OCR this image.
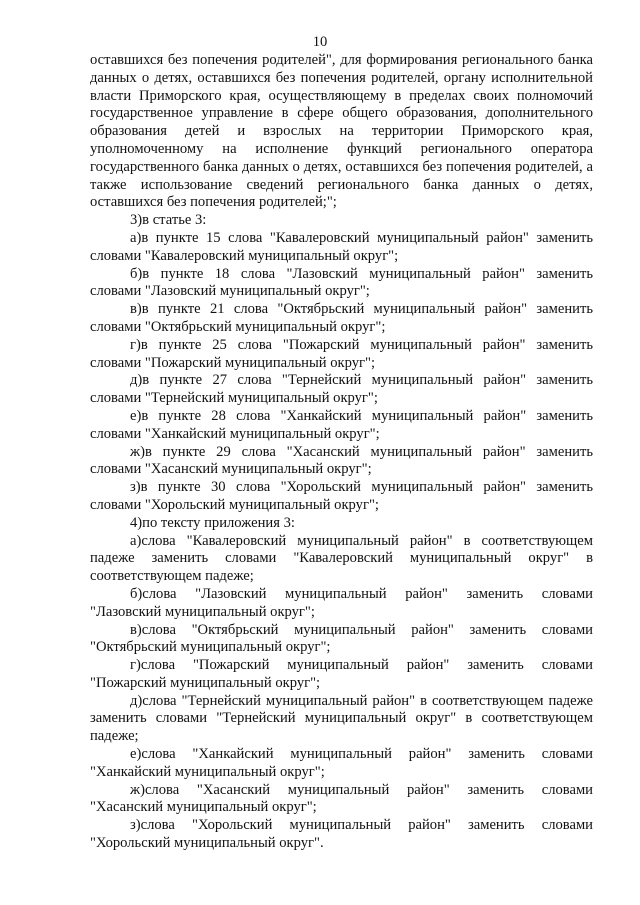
10

оставшихся без попечения родителей", для формирования регионального банка данных о детях, оставшихся без попечения родителей, органу исполнительной власти Приморского края, осуществляющему в пределах своих полномочий государственное управление в сфере общего образования, дополнительного образования детей и взрослых на территории Приморского края, уполномоченному на исполнение функций регионального оператора государственного банка данных о детях, оставшихся без попечения родителей, а также использование сведений регионального банка данных о детях, оставшихся без попечения родителей;";

3)в статье 3:

а)в пункте 15 слова "Кавалеровский муниципальный район" заменить словами "Кавалеровский муниципальный округ";

б)в пункте 18 слова "Лазовский муниципальный район" заменить словами "Лазовский муниципальный округ";

в)в пункте 21 слова "Октябрьский муниципальный район" заменить словами "Октябрьский муниципальный округ";

г)в пункте 25 слова "Пожарский муниципальный район" заменить словами "Пожарский муниципальный округ";

д)в пункте 27 слова "Тернейский муниципальный район" заменить словами "Тернейский муниципальный округ";

е)в пункте 28 слова "Ханкайский муниципальный район" заменить словами "Ханкайский муниципальный округ";

ж)в пункте 29 слова "Хасанский муниципальный район" заменить словами "Хасанский муниципальный округ";

з)в пункте 30 слова "Хорольский муниципальный район" заменить словами "Хорольский муниципальный округ";

4)по тексту приложения 3:

а)слова "Кавалеровский муниципальный район" в соответствующем падеже заменить словами "Кавалеровский муниципальный округ" в соответствующем падеже;

б)слова "Лазовский муниципальный район" заменить словами "Лазовский муниципальный округ";

в)слова "Октябрьский муниципальный район" заменить словами "Октябрьский муниципальный округ";

г)слова "Пожарский муниципальный район" заменить словами "Пожарский муниципальный округ";

д)слова "Тернейский муниципальный район" в соответствующем падеже заменить словами "Тернейский муниципальный округ" в соответствующем падеже;

е)слова "Ханкайский муниципальный район" заменить словами "Ханкайский муниципальный округ";

ж)слова "Хасанский муниципальный район" заменить словами "Хасанский муниципальный округ";

з)слова "Хорольский муниципальный район" заменить словами "Хорольский муниципальный округ".
